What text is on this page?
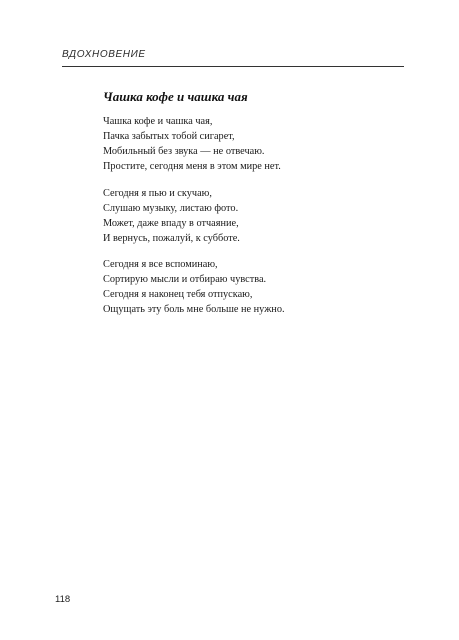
ВДОХНОВЕНИЕ
Чашка кофе и чашка чая
Чашка кофе и чашка чая,
Пачка забытых тобой сигарет,
Мобильный без звука — не отвечаю.
Простите, сегодня меня в этом мире нет.
Сегодня я пью и скучаю,
Слушаю музыку, листаю фото.
Может, даже впаду в отчаяние,
И вернусь, пожалуй, к субботе.
Сегодня я все вспоминаю,
Сортирую мысли и отбираю чувства.
Сегодня я наконец тебя отпускаю,
Ощущать эту боль мне больше не нужно.
118
